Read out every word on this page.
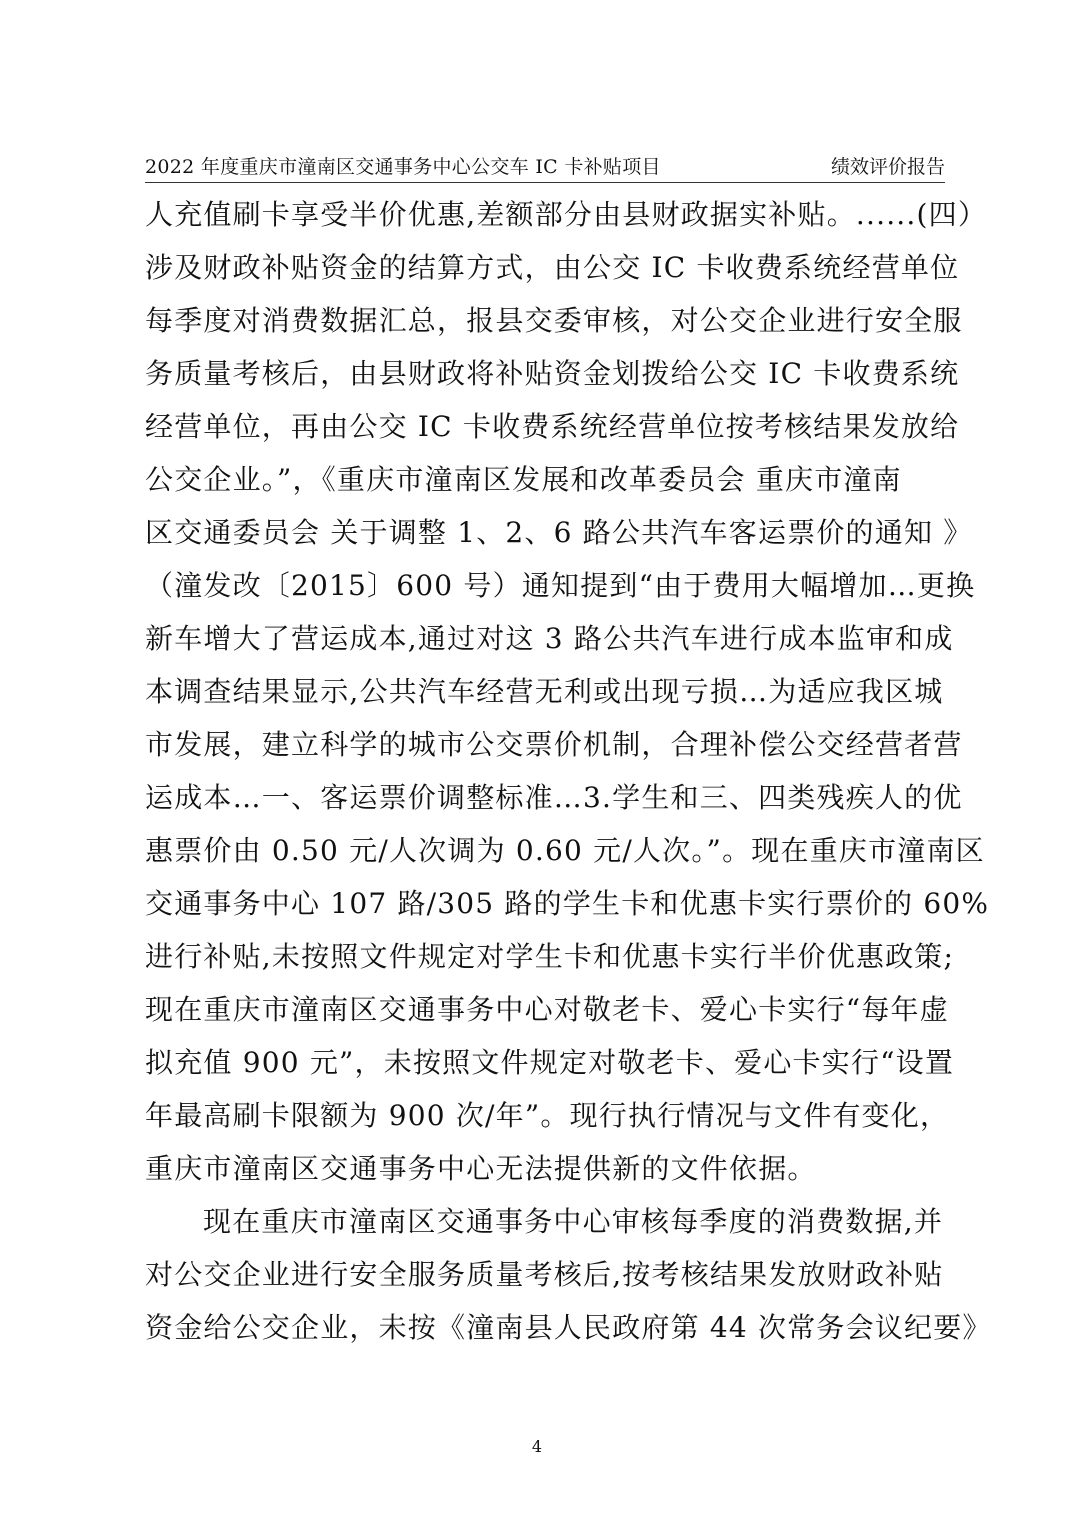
2022 年度重庆市潼南区交通事务中心公交车 IC 卡补贴项目	绩效评价报告
人充值刷卡享受半价优惠,差额部分由县财政据实补贴。......(四）
涉及财政补贴资金的结算方式，由公交 IC 卡收费系统经营单位
每季度对消费数据汇总，报县交委审核，对公交企业进行安全服
务质量考核后，由县财政将补贴资金划拨给公交 IC 卡收费系统
经营单位，再由公交 IC 卡收费系统经营单位按考核结果发放给
公交企业。”，《重庆市潼南区发展和改革委员会 重庆市潼南
区交通委员会 关于调整 1、2、6 路公共汽车客运票价的通知 》
（潼发改〔2015〕600 号）通知提到“由于费用大幅增加…更换
新车增大了营运成本,通过对这 3 路公共汽车进行成本监审和成
本调查结果显示,公共汽车经营无利或出现亏损…为适应我区城
市发展，建立科学的城市公交票价机制，合理补偿公交经营者营
运成本…一、客运票价调整标准…3.学生和三、四类残疾人的优
惠票价由 0.50 元/人次调为 0.60 元/人次。”。现在重庆市潼南区
交通事务中心 107 路/305 路的学生卡和优惠卡实行票价的 60%
进行补贴,未按照文件规定对学生卡和优惠卡实行半价优惠政策;
现在重庆市潼南区交通事务中心对敬老卡、爱心卡实行“每年虚
拟充值 900 元”，未按照文件规定对敬老卡、爱心卡实行“设置
年最高刷卡限额为 900 次/年”。现行执行情况与文件有变化，
重庆市潼南区交通事务中心无法提供新的文件依据。
现在重庆市潼南区交通事务中心审核每季度的消费数据,并
对公交企业进行安全服务质量考核后,按考核结果发放财政补贴
资金给公交企业，未按《潼南县人民政府第 44 次常务会议纪要》
4
